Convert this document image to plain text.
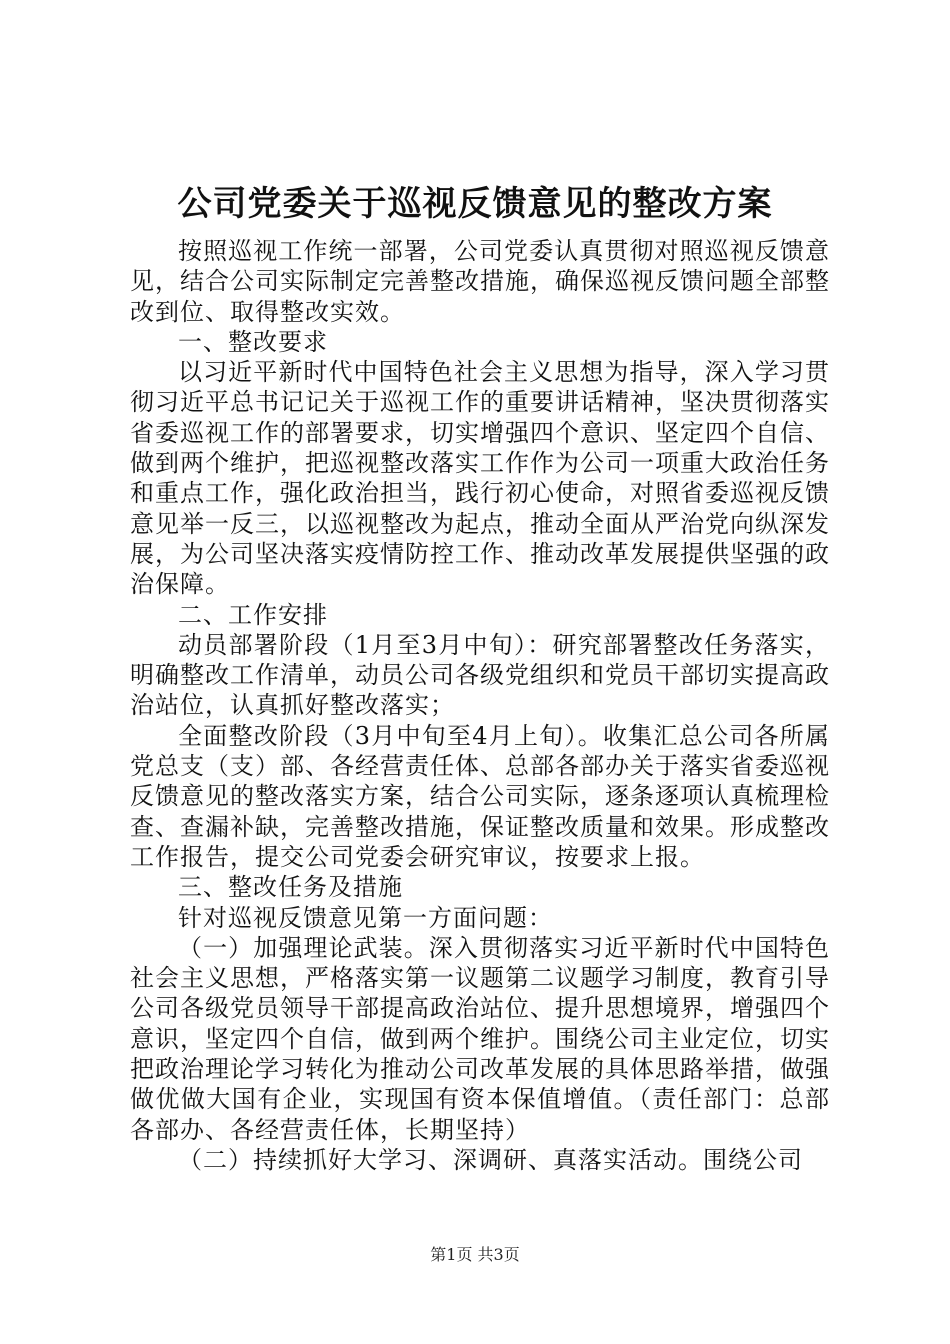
公司党委关于巡视反馈意见的整改方案

按照巡视工作统一部署，公司党委认真贯彻对照巡视反馈意见，结合公司实际制定完善整改措施，确保巡视反馈问题全部整改到位、取得整改实效。

一、整改要求

以习近平新时代中国特色社会主义思想为指导，深入学习贯彻习近平总书记记关于巡视工作的重要讲话精神，坚决贯彻落实省委巡视工作的部署要求，切实增强四个意识、坚定四个自信、做到两个维护，把巡视整改落实工作作为公司一项重大政治任务和重点工作，强化政治担当，践行初心使命，对照省委巡视反馈意见举一反三，以巡视整改为起点，推动全面从严治党向纵深发展，为公司坚决落实疫情防控工作、推动改革发展提供坚强的政治保障。

二、工作安排

动员部署阶段（1月至3月中旬）：研究部署整改任务落实，明确整改工作清单，动员公司各级党组织和党员干部切实提高政治站位，认真抓好整改落实；

全面整改阶段（3月中旬至4月上旬）。收集汇总公司各所属党总支（支）部、各经营责任体、总部各部办关于落实省委巡视反馈意见的整改落实方案，结合公司实际，逐条逐项认真梳理检查、查漏补缺，完善整改措施，保证整改质量和效果。形成整改工作报告，提交公司党委会研究审议，按要求上报。

三、整改任务及措施

针对巡视反馈意见第一方面问题：

（一）加强理论武装。深入贯彻落实习近平新时代中国特色社会主义思想，严格落实第一议题第二议题学习制度，教育引导公司各级党员领导干部提高政治站位、提升思想境界，增强四个意识，坚定四个自信，做到两个维护。围绕公司主业定位，切实把政治理论学习转化为推动公司改革发展的具体思路举措，做强做优做大国有企业，实现国有资本保值增值。（责任部门：总部各部办、各经营责任体，长期坚持）

（二）持续抓好大学习、深调研、真落实活动。围绕公司

第1页 共3页
